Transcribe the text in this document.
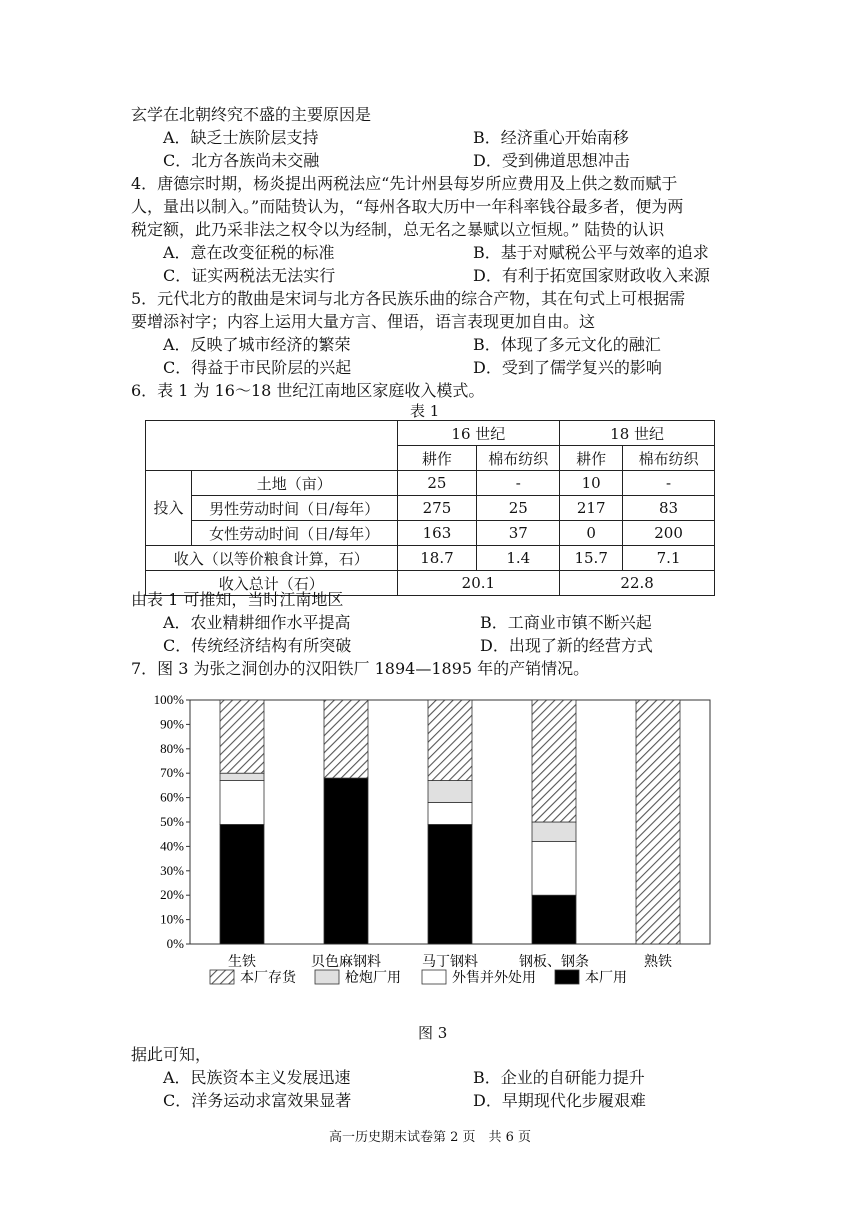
玄学在北朝终究不盛的主要原因是
A．缺乏士族阶层支持	B．经济重心开始南移
C．北方各族尚未交融	D．受到佛道思想冲击
4．唐德宗时期，杨炎提出两税法应“先计州县每岁所应费用及上供之数而赋于
人，量出以制入。”而陆贽认为，“每州各取大历中一年科率钱谷最多者，便为两
税定额，此乃采非法之权令以为经制，总无名之暴赋以立恒规。” 陆贽的认识
A．意在改变征税的标准	B．基于对赋税公平与效率的追求
C．证实两税法无法实行	D．有利于拓宽国家财政收入来源
5．元代北方的散曲是宋词与北方各民族乐曲的综合产物，其在句式上可根据需
要增添衬字；内容上运用大量方言、俚语，语言表现更加自由。这
A．反映了城市经济的繁荣	B．体现了多元文化的融汇
C．得益于市民阶层的兴起	D．受到了儒学复兴的影响
6．表 1 为 16～18 世纪江南地区家庭收入模式。
表 1
		16 世纪		18 世纪	
		耕作	棉布纺织	耕作	棉布纺织
投入	土地（亩）	25	-	10	-
	男性劳动时间（日/每年）	275	25	217	83
	女性劳动时间（日/每年）	163	37	0	200
收入（以等价粮食计算，石）		18.7	1.4	15.7	7.1
收入总计（石）		20.1		22.8	
由表 1 可推知，当时江南地区
A．农业精耕细作水平提高	B．工商业市镇不断兴起
C．传统经济结构有所突破	D．出现了新的经营方式
7．图 3 为张之洞创办的汉阳铁厂 1894—1895 年的产销情况。
0%
10%
20%
30%
40%
50%
60%
70%
80%
90%
100%
生铁	贝色麻钢料	马丁钢料	钢板、钢条	熟铁
本厂存货	枪炮厂用	外售并外处用	本厂用
图 3
据此可知，
A．民族资本主义发展迅速	B．企业的自研能力提升
C．洋务运动求富效果显著	D．早期现代化步履艰难
高一历史期末试卷第 2 页　共 6 页
